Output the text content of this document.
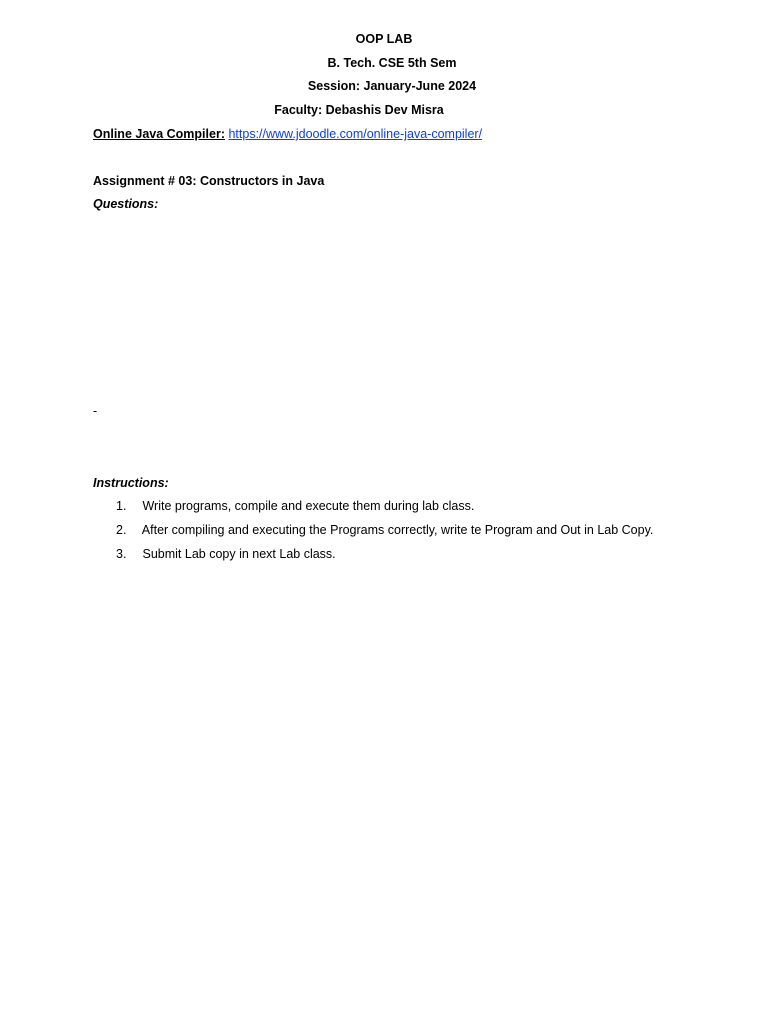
OOP LAB
B. Tech. CSE 5th Sem
Session: January-June 2024
Faculty: Debashis Dev Misra
Online Java Compiler: https://www.jdoodle.com/online-java-compiler/
Assignment # 03: Constructors in Java
Questions:
-
Instructions:
1. Write programs, compile and execute them during lab class.
2. After compiling and executing the Programs correctly, write te Program and Out in Lab Copy.
3. Submit Lab copy in next Lab class.
